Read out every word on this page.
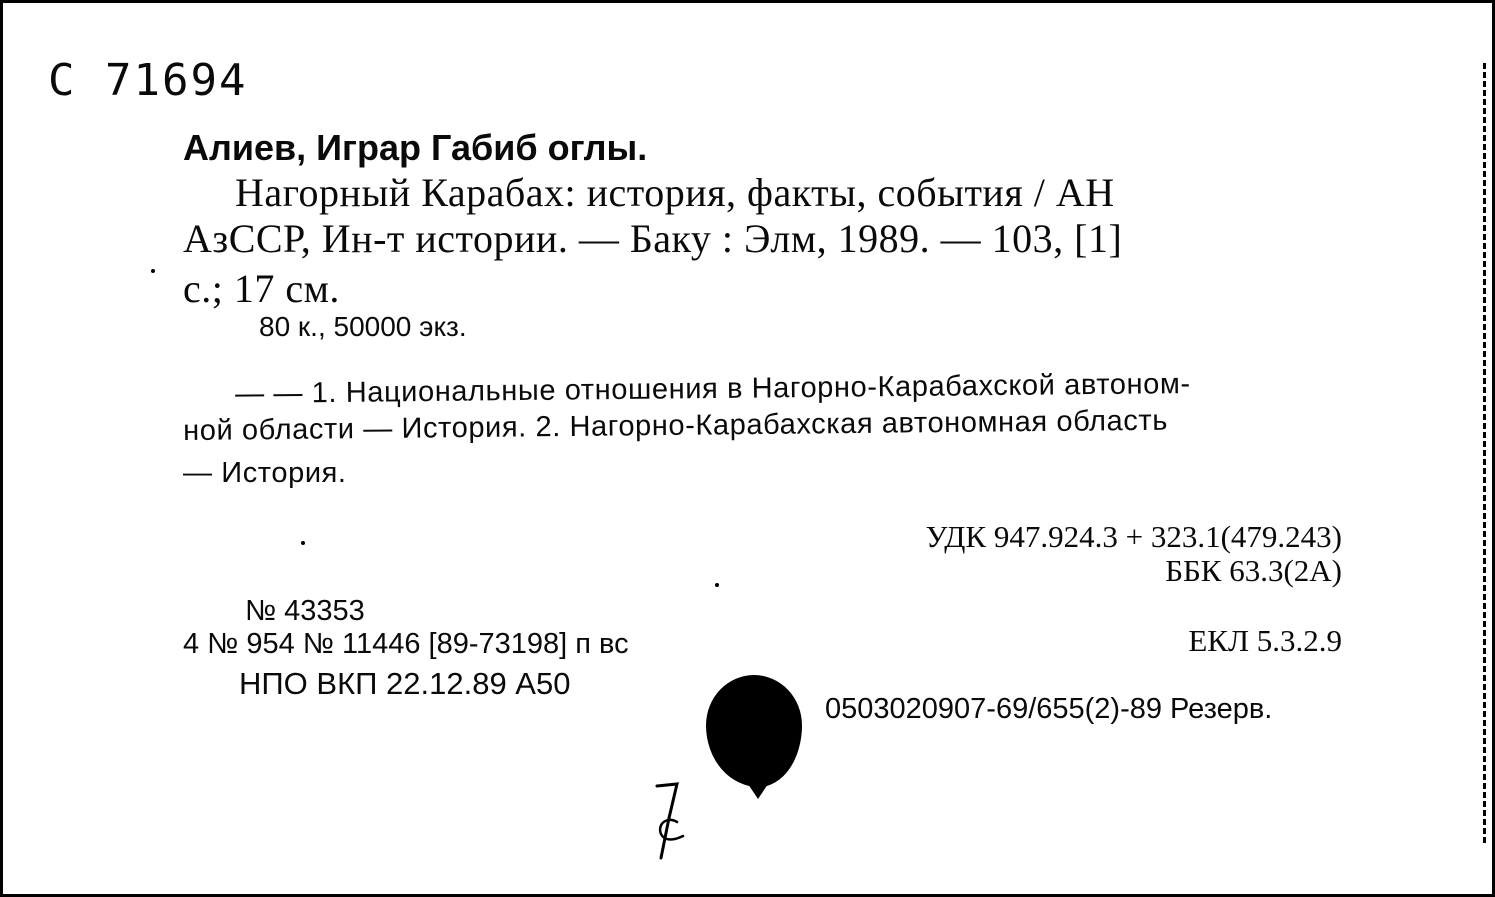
С 71694
Алиев, Играр Габиб оглы.
Нагорный Карабах: история, факты, события / АН
АзССР, Ин-т истории. — Баку : Элм, 1989. — 103, [1]
с.; 17 см.
80 к., 50000 экз.
— — 1. Национальные отношения в Нагорно-Карабахской автоном-
ной области — История. 2. Нагорно-Карабахская автономная область
— История.
УДК 947.924.3 + 323.1(479.243)
ББК 63.3(2А)
ЕКЛ 5.3.2.9
№ 43353
4 № 954 № 11446 [89-73198] п вс
НПО ВКП 22.12.89 А50
0503020907-69/655(2)-89 Резерв.
